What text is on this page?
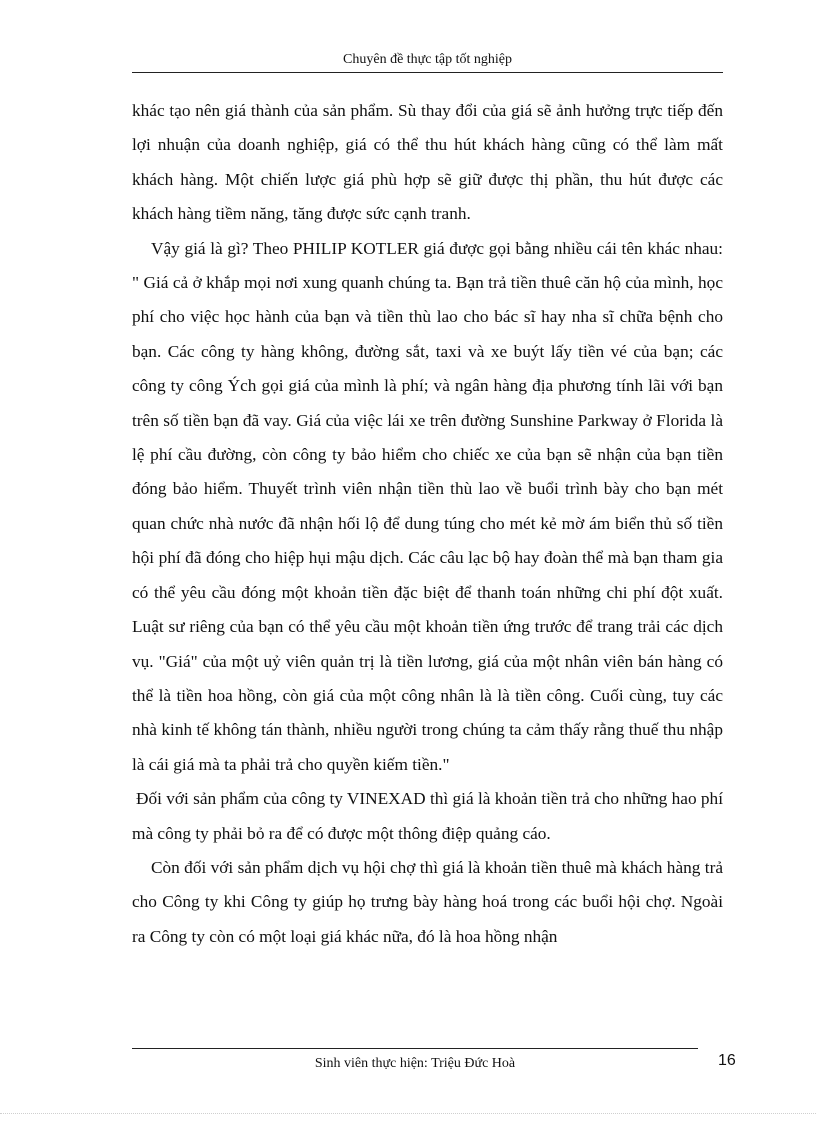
Chuyên đề thực tập tốt nghiệp

khác tạo nên giá thành của sản phẩm. Sù thay đổi của giá sẽ ảnh hưởng trực tiếp đến lợi nhuận của doanh nghiệp, giá có thể thu hút khách hàng cũng có thể làm mất khách hàng. Một chiến lược giá phù hợp sẽ giữ được thị phần, thu hút được các khách hàng tiềm năng, tăng được sức cạnh tranh.

Vậy giá là gì? Theo PHILIP KOTLER giá được gọi bằng nhiều cái tên khác nhau: " Giá cả ở khắp mọi nơi xung quanh chúng ta. Bạn trả tiền thuê căn hộ của mình, học phí cho việc học hành của bạn và tiền thù lao cho bác sĩ hay nha sĩ chữa bệnh cho bạn. Các công ty hàng không, đường sắt, taxi và xe buýt lấy tiền vé của bạn; các công ty công Ých gọi giá của mình là phí; và ngân hàng địa phương tính lãi với bạn trên số tiền bạn đã vay. Giá của việc lái xe trên đường Sunshine Parkway ở Florida là lệ phí cầu đường, còn công ty bảo hiểm cho chiếc xe của bạn sẽ nhận của bạn tiền đóng bảo hiểm. Thuyết trình viên nhận tiền thù lao về buổi trình bày cho bạn mét quan chức nhà nước đã nhận hối lộ để dung túng cho mét kẻ mờ ám biển thủ số tiền hội phí đã đóng cho hiệp hụi mậu dịch. Các câu lạc bộ hay đoàn thể mà bạn tham gia có thể yêu cầu đóng một khoản tiền đặc biệt để thanh toán những chi phí đột xuất. Luật sư riêng của bạn có thể yêu cầu một khoản tiền ứng trước để trang trải các dịch vụ. "Giá" của một uỷ viên quản trị là tiền lương, giá của một nhân viên bán hàng có thể là tiền hoa hồng, còn giá của một công nhân là là tiền công. Cuối cùng, tuy các nhà kinh tế không tán thành, nhiều người trong chúng ta cảm thấy rằng thuế thu nhập là cái giá mà ta phải trả cho quyền kiếm tiền."

Đối với sản phẩm của công ty VINEXAD thì giá là khoản tiền trả cho những hao phí mà công ty phải bỏ ra để có được một thông điệp quảng cáo.

Còn đối với sản phẩm dịch vụ hội chợ thì giá là khoản tiền thuê mà khách hàng trả cho Công ty khi Công ty giúp họ trưng bày hàng hoá trong các buổi hội chợ. Ngoài ra Công ty còn có một loại giá khác nữa, đó là hoa hồng nhận

Sinh viên thực hiện: Triệu Đức Hoà	16
